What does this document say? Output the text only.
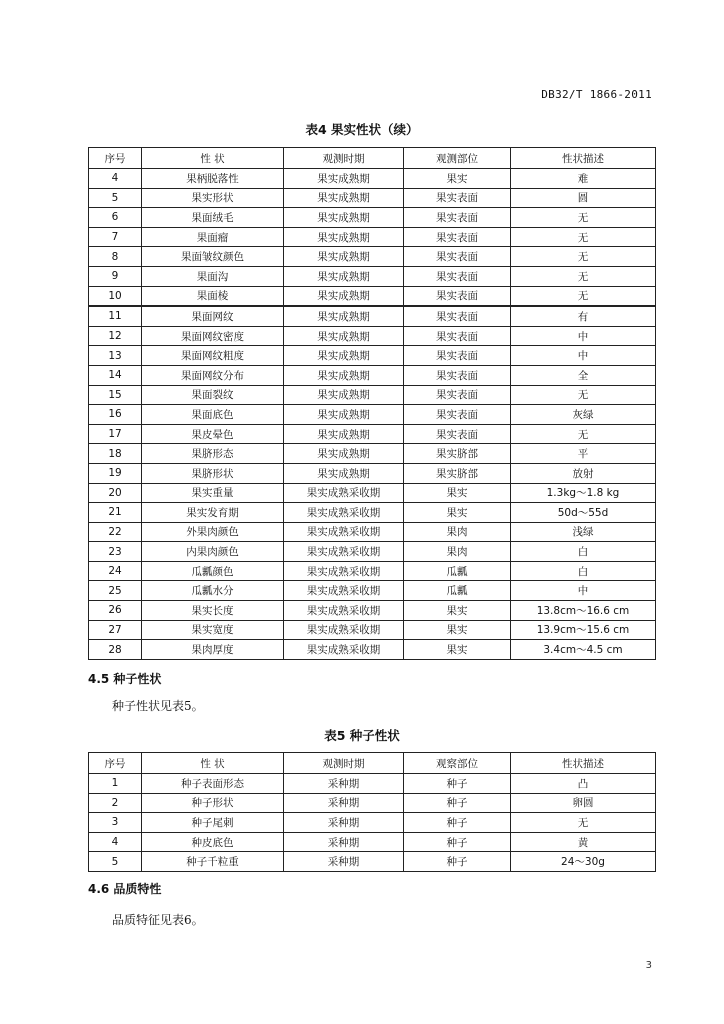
DB32/T 1866-2011
表4 果实性状（续）
序号	性 状	观测时期	观测部位	性状描述
4	果柄脱落性	果实成熟期	果实	难
5	果实形状	果实成熟期	果实表面	圆
6	果面绒毛	果实成熟期	果实表面	无
7	果面瘤	果实成熟期	果实表面	无
8	果面皱纹颜色	果实成熟期	果实表面	无
9	果面沟	果实成熟期	果实表面	无
10	果面棱	果实成熟期	果实表面	无
11	果面网纹	果实成熟期	果实表面	有
12	果面网纹密度	果实成熟期	果实表面	中
13	果面网纹粗度	果实成熟期	果实表面	中
14	果面网纹分布	果实成熟期	果实表面	全
15	果面裂纹	果实成熟期	果实表面	无
16	果面底色	果实成熟期	果实表面	灰绿
17	果皮晕色	果实成熟期	果实表面	无
18	果脐形态	果实成熟期	果实脐部	平
19	果脐形状	果实成熟期	果实脐部	放射
20	果实重量	果实成熟采收期	果实	1.3kg～1.8 kg
21	果实发育期	果实成熟采收期	果实	50d～55d
22	外果肉颜色	果实成熟采收期	果肉	浅绿
23	内果肉颜色	果实成熟采收期	果肉	白
24	瓜瓤颜色	果实成熟采收期	瓜瓤	白
25	瓜瓤水分	果实成熟采收期	瓜瓤	中
26	果实长度	果实成熟采收期	果实	13.8cm～16.6 cm
27	果实宽度	果实成熟采收期	果实	13.9cm～15.6 cm
28	果肉厚度	果实成熟采收期	果实	3.4cm～4.5 cm
4.5 种子性状
种子性状见表5。
表5 种子性状
序号	性 状	观测时期	观察部位	性状描述
1	种子表面形态	采种期	种子	凸
2	种子形状	采种期	种子	卵圆
3	种子尾刺	采种期	种子	无
4	种皮底色	采种期	种子	黄
5	种子千粒重	采种期	种子	24～30g
4.6 品质特性
品质特征见表6。
3
